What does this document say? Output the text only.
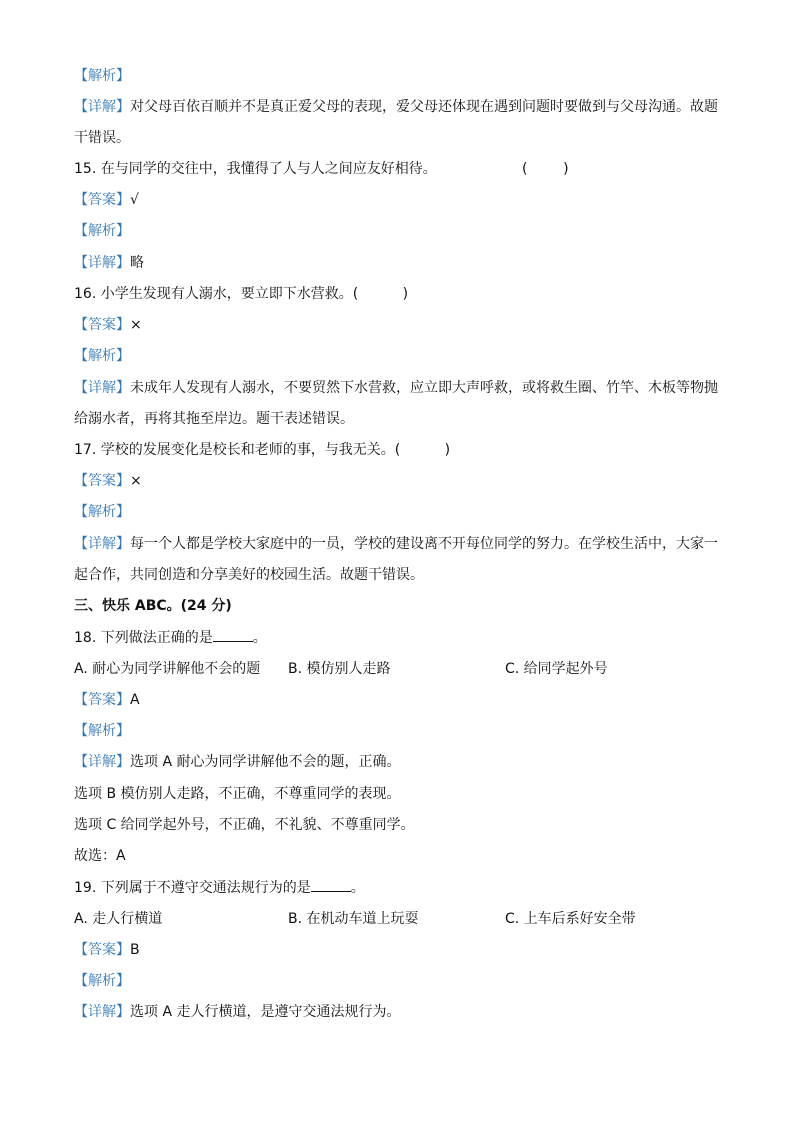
【解析】
【详解】对父母百依百顺并不是真正爱父母的表现，爱父母还体现在遇到问题时要做到与父母沟通。故题
干错误。
15. 在与同学的交往中，我懂得了人与人之间应友好相待。	(        )
【答案】√
【解析】
【详解】略
16. 小学生发现有人溺水，要立即下水营救。(          )
【答案】×
【解析】
【详解】未成年人发现有人溺水，不要贸然下水营救，应立即大声呼救，或将救生圈、竹竿、木板等物抛
给溺水者，再将其拖至岸边。题干表述错误。
17. 学校的发展变化是校长和老师的事，与我无关。(          )
【答案】×
【解析】
【详解】每一个人都是学校大家庭中的一员，学校的建设离不开每位同学的努力。在学校生活中，大家一
起合作，共同创造和分享美好的校园生活。故题干错误。
三、快乐 ABC。(24 分)
18. 下列做法正确的是	。
A. 耐心为同学讲解他不会的题 B. 模仿别人走路	C. 给同学起外号
【答案】A
【解析】
【详解】选项 A 耐心为同学讲解他不会的题，正确。
选项 B 模仿别人走路，不正确，不尊重同学的表现。
选项 C 给同学起外号，不正确，不礼貌、不尊重同学。
故选：A
19. 下列属于不遵守交通法规行为的是	。
A. 走人行横道	B. 在机动车道上玩耍	C. 上车后系好安全带
【答案】B
【解析】
【详解】选项 A 走人行横道，是遵守交通法规行为。
